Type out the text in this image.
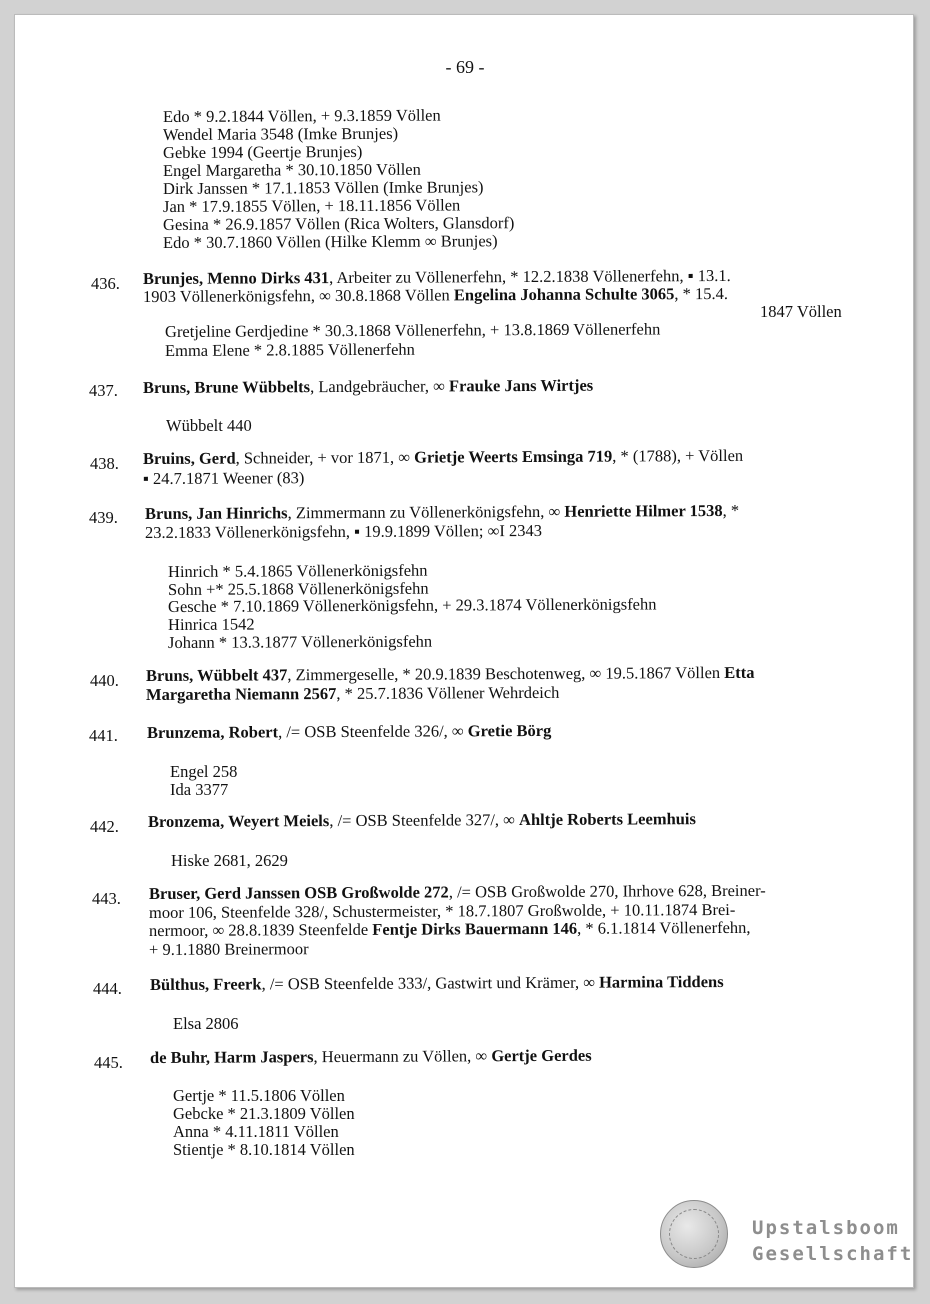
- 69 -
Edo * 9.2.1844 Völlen, + 9.3.1859 Völlen
Wendel Maria 3548 (Imke Brunjes)
Gebke 1994 (Geertje Brunjes)
Engel Margaretha * 30.10.1850 Völlen
Dirk Janssen * 17.1.1853 Völlen (Imke Brunjes)
Jan * 17.9.1855 Völlen, + 18.11.1856 Völlen
Gesina * 26.9.1857 Völlen (Rica Wolters, Glansdorf)
Edo * 30.7.1860 Völlen (Hilke Klemm ∞ Brunjes)
436. Brunjes, Menno Dirks 431, Arbeiter zu Völlenerfehn, * 12.2.1838 Völlenerfehn, ▪ 13.1.
1903 Völlenerkönigsfehn, ∞ 30.8.1868 Völlen Engelina Johanna Schulte 3065, * 15.4.
1847 Völlen
Gretjeline Gerdjedine * 30.3.1868 Völlenerfehn, + 13.8.1869 Völlenerfehn
Emma Elene * 2.8.1885 Völlenerfehn
437. Bruns, Brune Wübbelts, Landgebräucher, ∞ Frauke Jans Wirtjes
Wübbelt 440
438. Bruins, Gerd, Schneider, + vor 1871, ∞ Grietje Weerts Emsinga 719, * (1788), + Völlen
▪ 24.7.1871 Weener (83)
439. Bruns, Jan Hinrichs, Zimmermann zu Völlenerkönigsfehn, ∞ Henriette Hilmer 1538, *
23.2.1833 Völlenerkönigsfehn, ▪ 19.9.1899 Völlen; ∞I 2343
Hinrich * 5.4.1865 Völlenerkönigsfehn
Sohn +* 25.5.1868 Völlenerkönigsfehn
Gesche * 7.10.1869 Völlenerkönigsfehn, + 29.3.1874 Völlenerkönigsfehn
Hinrica 1542
Johann * 13.3.1877 Völlenerkönigsfehn
440. Bruns, Wübbelt 437, Zimmergeselle, * 20.9.1839 Beschotenweg, ∞ 19.5.1867 Völlen Etta
Margaretha Niemann 2567, * 25.7.1836 Völlener Wehrdeich
441. Brunzema, Robert, /= OSB Steenfelde 326/, ∞ Gretie Börg
Engel 258
Ida 3377
442. Bronzema, Weyert Meiels, /= OSB Steenfelde 327/, ∞ Ahltje Roberts Leemhuis
Hiske 2681, 2629
443. Bruser, Gerd Janssen OSB Großwolde 272, /= OSB Großwolde 270, Ihrhove 628, Breiner-
moor 106, Steenfelde 328/, Schustermeister, * 18.7.1807 Großwolde, + 10.11.1874 Brei-
nermoor, ∞ 28.8.1839 Steenfelde Fentje Dirks Bauermann 146, * 6.1.1814 Völlenerfehn,
+ 9.1.1880 Breinermoor
444. Bülthus, Freerk, /= OSB Steenfelde 333/, Gastwirt und Krämer, ∞ Harmina Tiddens
Elsa 2806
445. de Buhr, Harm Jaspers, Heuermann zu Völlen, ∞ Gertje Gerdes
Gertje * 11.5.1806 Völlen
Gebcke * 21.3.1809 Völlen
Anna * 4.11.1811 Völlen
Stientje * 8.10.1814 Völlen
Upstalsboom
Gesellschaft
